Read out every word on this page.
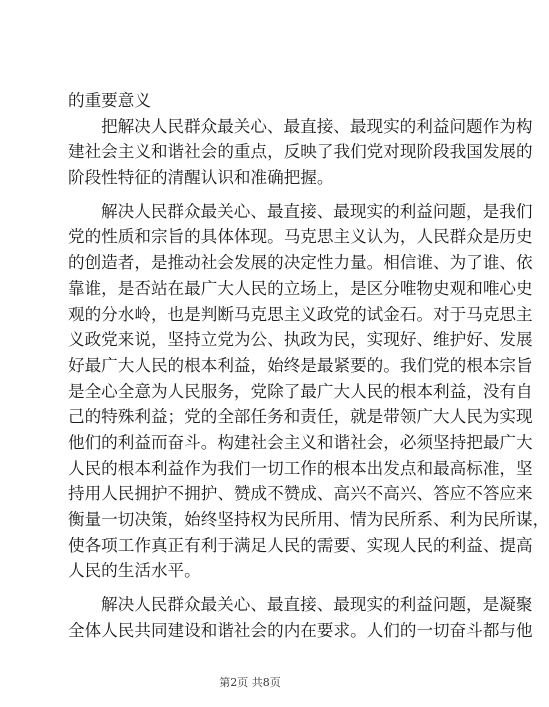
的重要意义
把解决人民群众最关心、最直接、最现实的利益问题作为构
建社会主义和谐社会的重点，反映了我们党对现阶段我国发展的
阶段性特征的清醒认识和准确把握。
解决人民群众最关心、最直接、最现实的利益问题，是我们
党的性质和宗旨的具体体现。马克思主义认为，人民群众是历史
的创造者，是推动社会发展的决定性力量。相信谁、为了谁、依
靠谁，是否站在最广大人民的立场上，是区分唯物史观和唯心史
观的分水岭，也是判断马克思主义政党的试金石。对于马克思主
义政党来说，坚持立党为公、执政为民，实现好、维护好、发展
好最广大人民的根本利益，始终是最紧要的。我们党的根本宗旨
是全心全意为人民服务，党除了最广大人民的根本利益，没有自
己的特殊利益；党的全部任务和责任，就是带领广大人民为实现
他们的利益而奋斗。构建社会主义和谐社会，必须坚持把最广大
人民的根本利益作为我们一切工作的根本出发点和最高标准，坚
持用人民拥护不拥护、赞成不赞成、高兴不高兴、答应不答应来
衡量一切决策，始终坚持权为民所用、情为民所系、利为民所谋，
使各项工作真正有利于满足人民的需要、实现人民的利益、提高
人民的生活水平。
解决人民群众最关心、最直接、最现实的利益问题，是凝聚
全体人民共同建设和谐社会的内在要求。人们的一切奋斗都与他
第2页 共8页
